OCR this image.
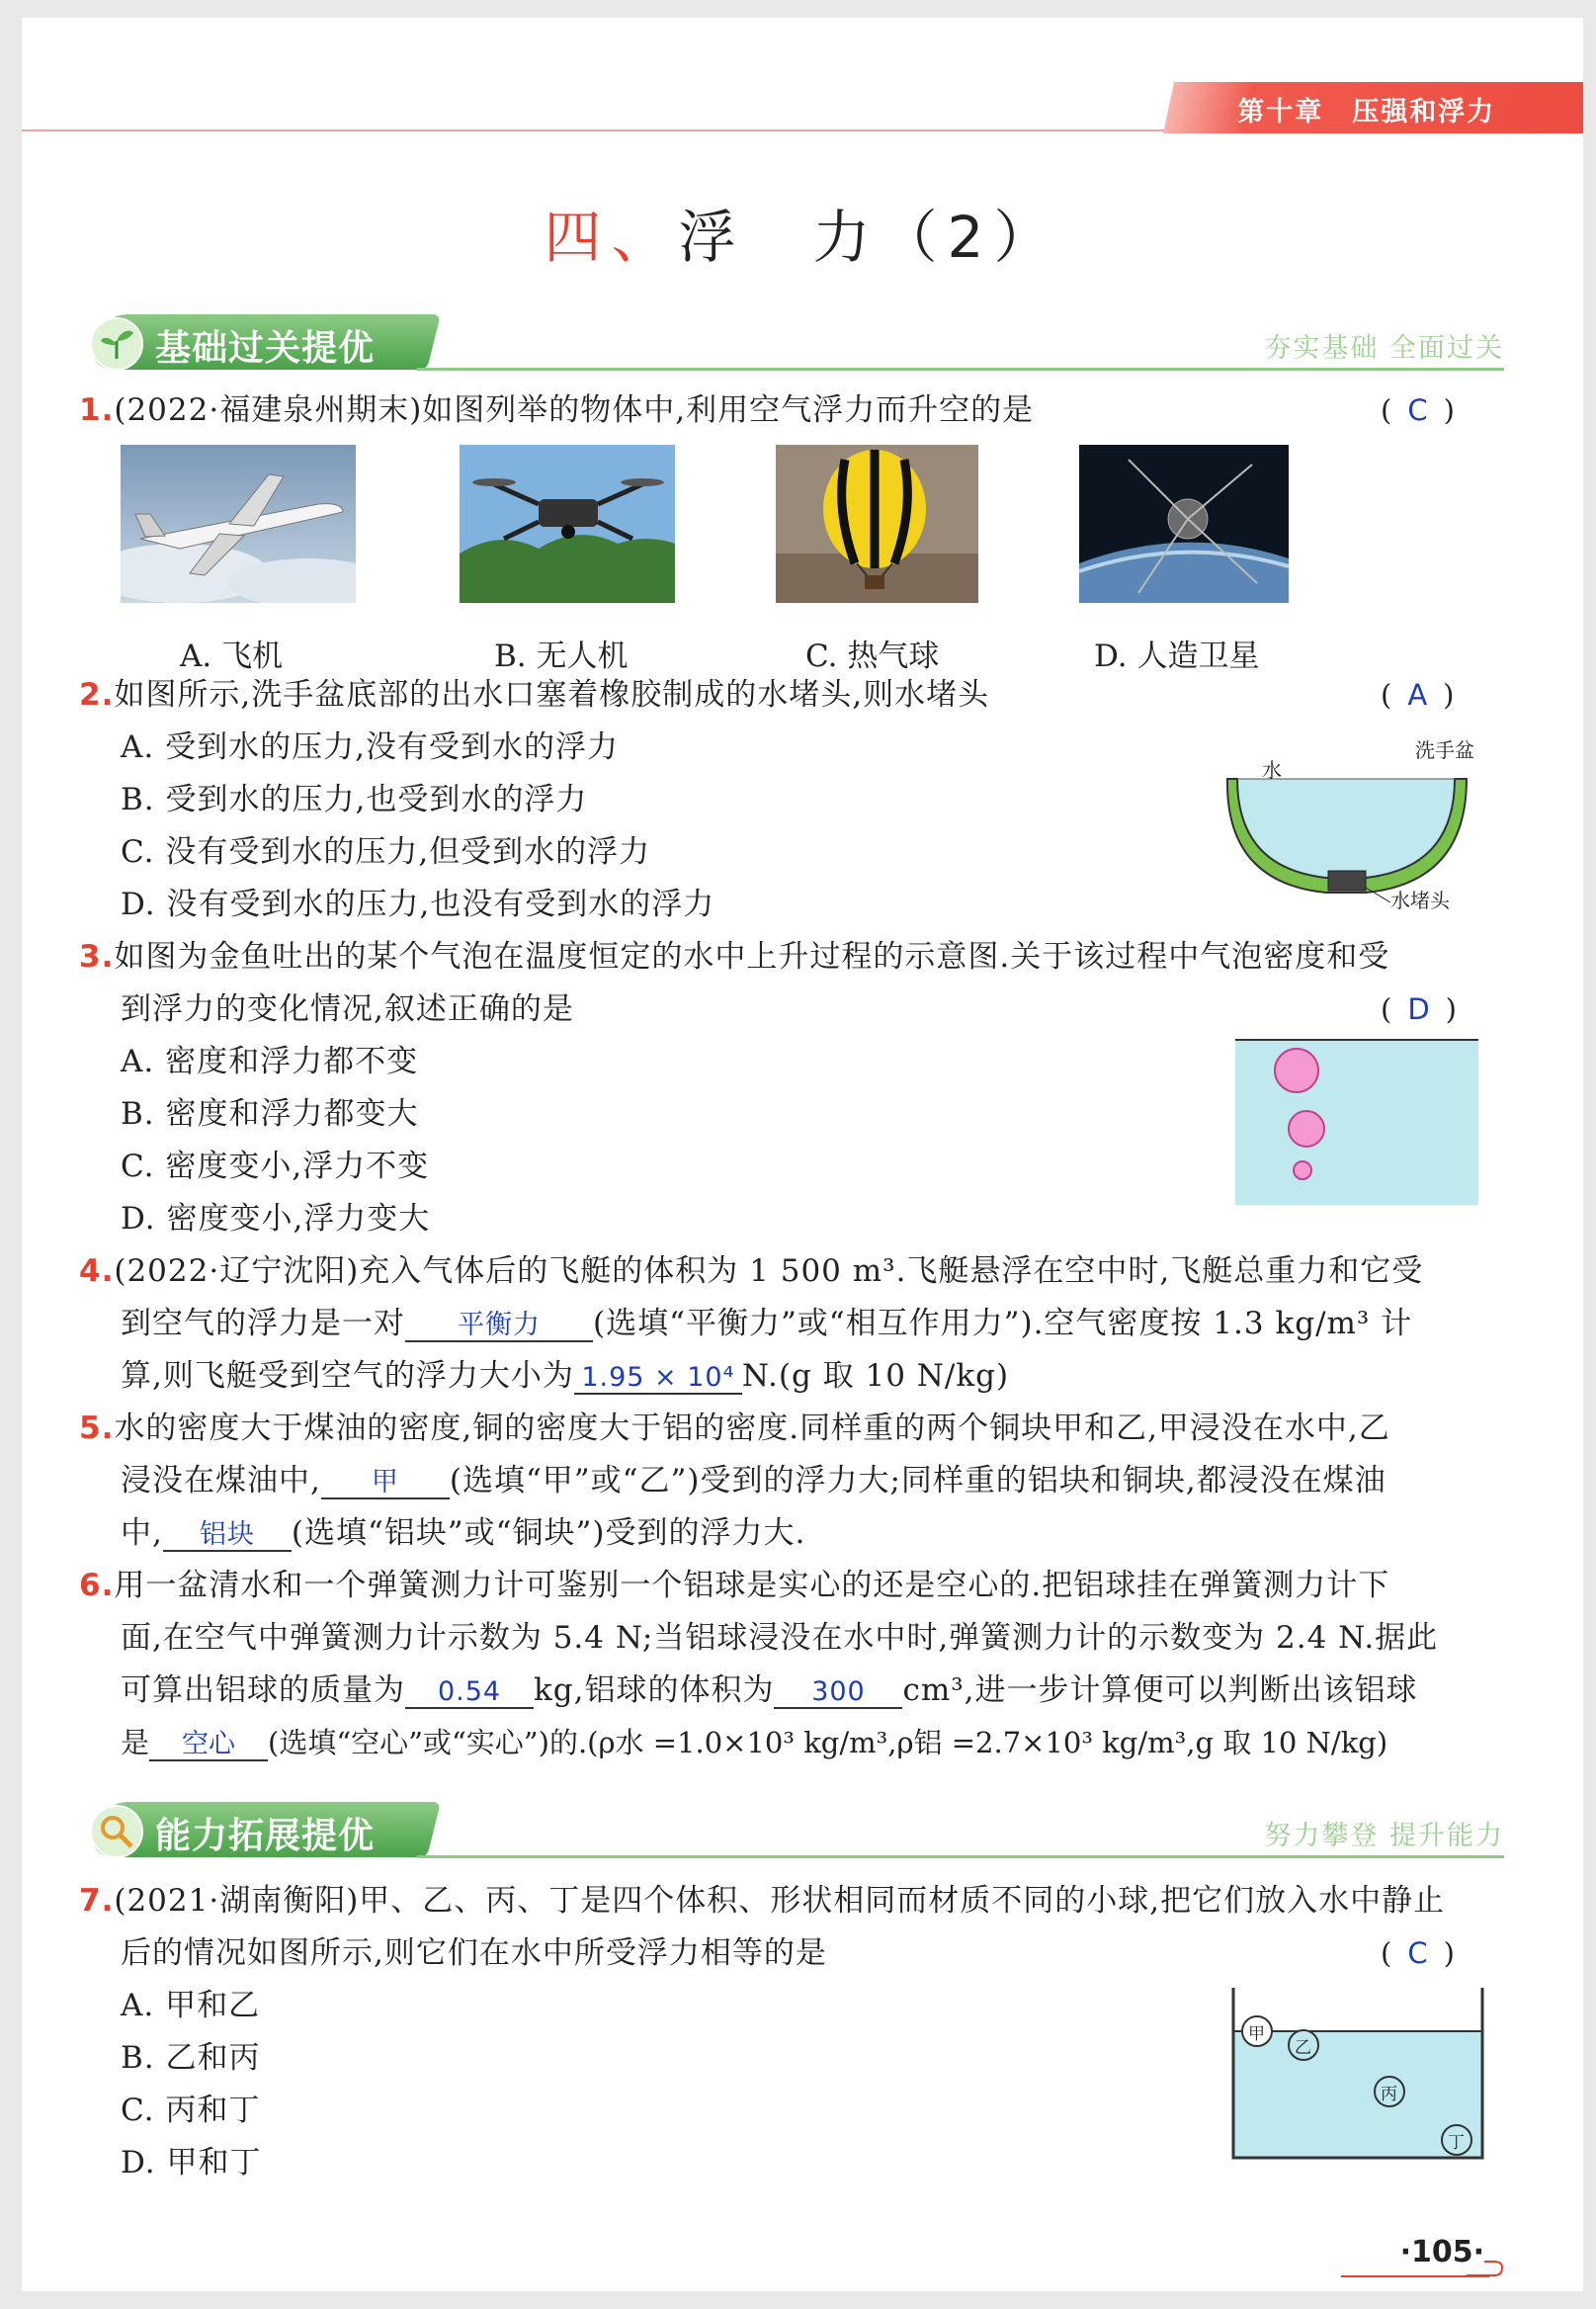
第十章　压强和浮力
四、浮　力（2）
基础过关提优	夯实基础 全面过关
1.(2022·福建泉州期末)如图列举的物体中,利用空气浮力而升空的是	( C )
A. 飞机	B. 无人机	C. 热气球	D. 人造卫星
2.如图所示,洗手盆底部的出水口塞着橡胶制成的水堵头,则水堵头	( A )
A. 受到水的压力,没有受到水的浮力
B. 受到水的压力,也受到水的浮力
C. 没有受到水的压力,但受到水的浮力
D. 没有受到水的压力,也没有受到水的浮力
洗手盆
水
水堵头
3.如图为金鱼吐出的某个气泡在温度恒定的水中上升过程的示意图.关于该过程中气泡密度和受
到浮力的变化情况,叙述正确的是	( D )
A. 密度和浮力都不变
B. 密度和浮力都变大
C. 密度变小,浮力不变
D. 密度变小,浮力变大
4.(2022·辽宁沈阳)充入气体后的飞艇的体积为 1 500 m³.飞艇悬浮在空中时,飞艇总重力和它受
到空气的浮力是一对 平衡力 (选填“平衡力”或“相互作用力”).空气密度按 1.3 kg/m³ 计
算,则飞艇受到空气的浮力大小为 1.95 × 10⁴ N.(g 取 10 N/kg)
5.水的密度大于煤油的密度,铜的密度大于铝的密度.同样重的两个铜块甲和乙,甲浸没在水中,乙
浸没在煤油中, 甲 (选填“甲”或“乙”)受到的浮力大;同样重的铝块和铜块,都浸没在煤油
中, 铝块 (选填“铝块”或“铜块”)受到的浮力大.
6.用一盆清水和一个弹簧测力计可鉴别一个铝球是实心的还是空心的.把铝球挂在弹簧测力计下
面,在空气中弹簧测力计示数为 5.4 N;当铝球浸没在水中时,弹簧测力计的示数变为 2.4 N.据此
可算出铝球的质量为 0.54 kg,铝球的体积为 300 cm³,进一步计算便可以判断出该铝球
是 空心 (选填“空心”或“实心”)的.(ρ水 =1.0×10³ kg/m³,ρ铝 =2.7×10³ kg/m³,g 取 10 N/kg)
能力拓展提优	努力攀登 提升能力
7.(2021·湖南衡阳)甲、乙、丙、丁是四个体积、形状相同而材质不同的小球,把它们放入水中静止
后的情况如图所示,则它们在水中所受浮力相等的是	( C )
A. 甲和乙
B. 乙和丙
C. 丙和丁
D. 甲和丁
甲
乙
丙
丁
·105·
